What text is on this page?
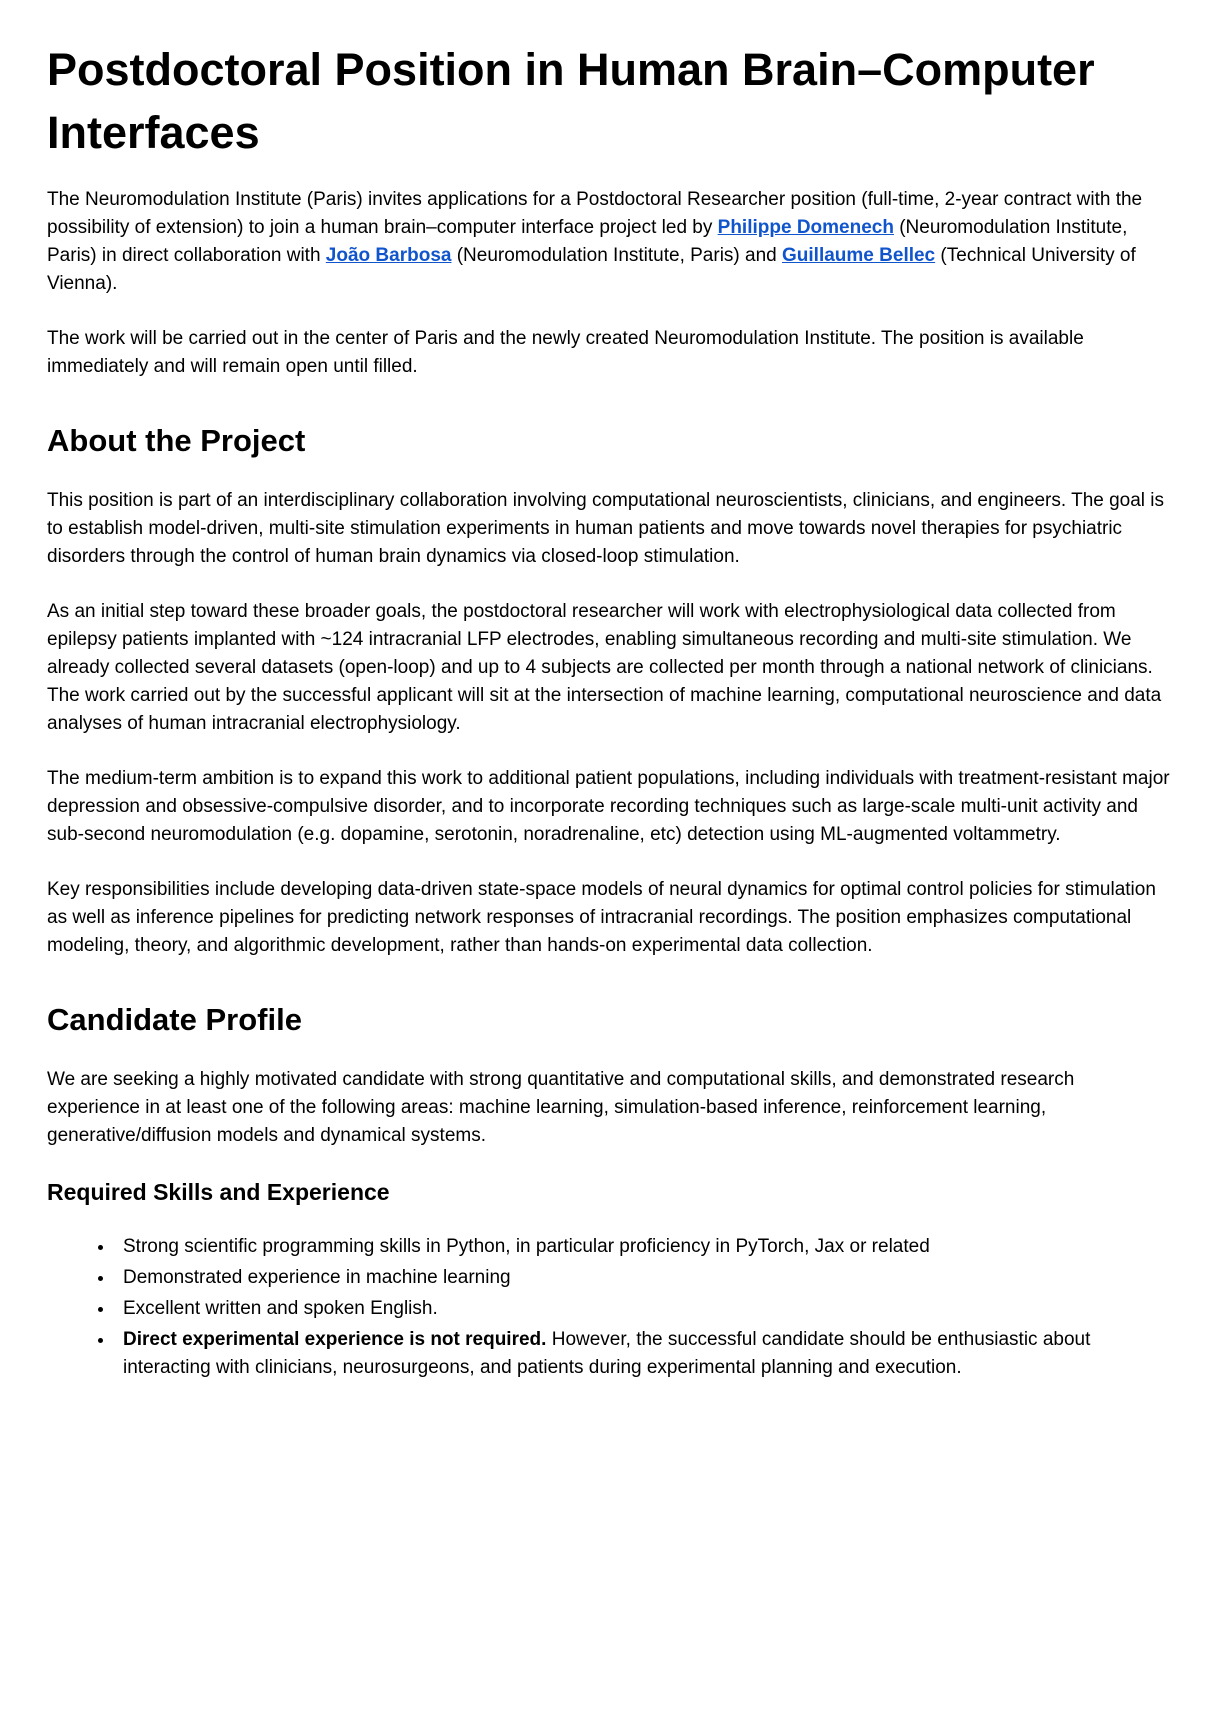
Postdoctoral Position in Human Brain–Computer Interfaces

The Neuromodulation Institute (Paris) invites applications for a Postdoctoral Researcher position (full-time, 2-year contract with the possibility of extension) to join a human brain–computer interface project led by Philippe Domenech (Neuromodulation Institute, Paris) in direct collaboration with João Barbosa (Neuromodulation Institute, Paris) and Guillaume Bellec (Technical University of Vienna).

The work will be carried out in the center of Paris and the newly created Neuromodulation Institute. The position is available immediately and will remain open until filled.

About the Project

This position is part of an interdisciplinary collaboration involving computational neuroscientists, clinicians, and engineers. The goal is to establish model-driven, multi-site stimulation experiments in human patients and move towards novel therapies for psychiatric disorders through the control of human brain dynamics via closed-loop stimulation.

As an initial step toward these broader goals, the postdoctoral researcher will work with electrophysiological data collected from epilepsy patients implanted with ~124 intracranial LFP electrodes, enabling simultaneous recording and multi-site stimulation. We already collected several datasets (open-loop) and up to 4 subjects are collected per month through a national network of clinicians. The work carried out by the successful applicant will sit at the intersection of machine learning, computational neuroscience and data analyses of human intracranial electrophysiology.

The medium-term ambition is to expand this work to additional patient populations, including individuals with treatment-resistant major depression and obsessive-compulsive disorder, and to incorporate recording techniques such as large-scale multi-unit activity and sub-second neuromodulation (e.g. dopamine, serotonin, noradrenaline, etc) detection using ML-augmented voltammetry.

Key responsibilities include developing data-driven state-space models of neural dynamics for optimal control policies for stimulation as well as inference pipelines for predicting network responses of intracranial recordings. The position emphasizes computational modeling, theory, and algorithmic development, rather than hands-on experimental data collection.

Candidate Profile

We are seeking a highly motivated candidate with strong quantitative and computational skills, and demonstrated research experience in at least one of the following areas: machine learning, simulation-based inference, reinforcement learning, generative/diffusion models and dynamical systems.

Required Skills and Experience
• Strong scientific programming skills in Python, in particular proficiency in PyTorch, Jax or related
• Demonstrated experience in machine learning
• Excellent written and spoken English.
• Direct experimental experience is not required. However, the successful candidate should be enthusiastic about interacting with clinicians, neurosurgeons, and patients during experimental planning and execution.
